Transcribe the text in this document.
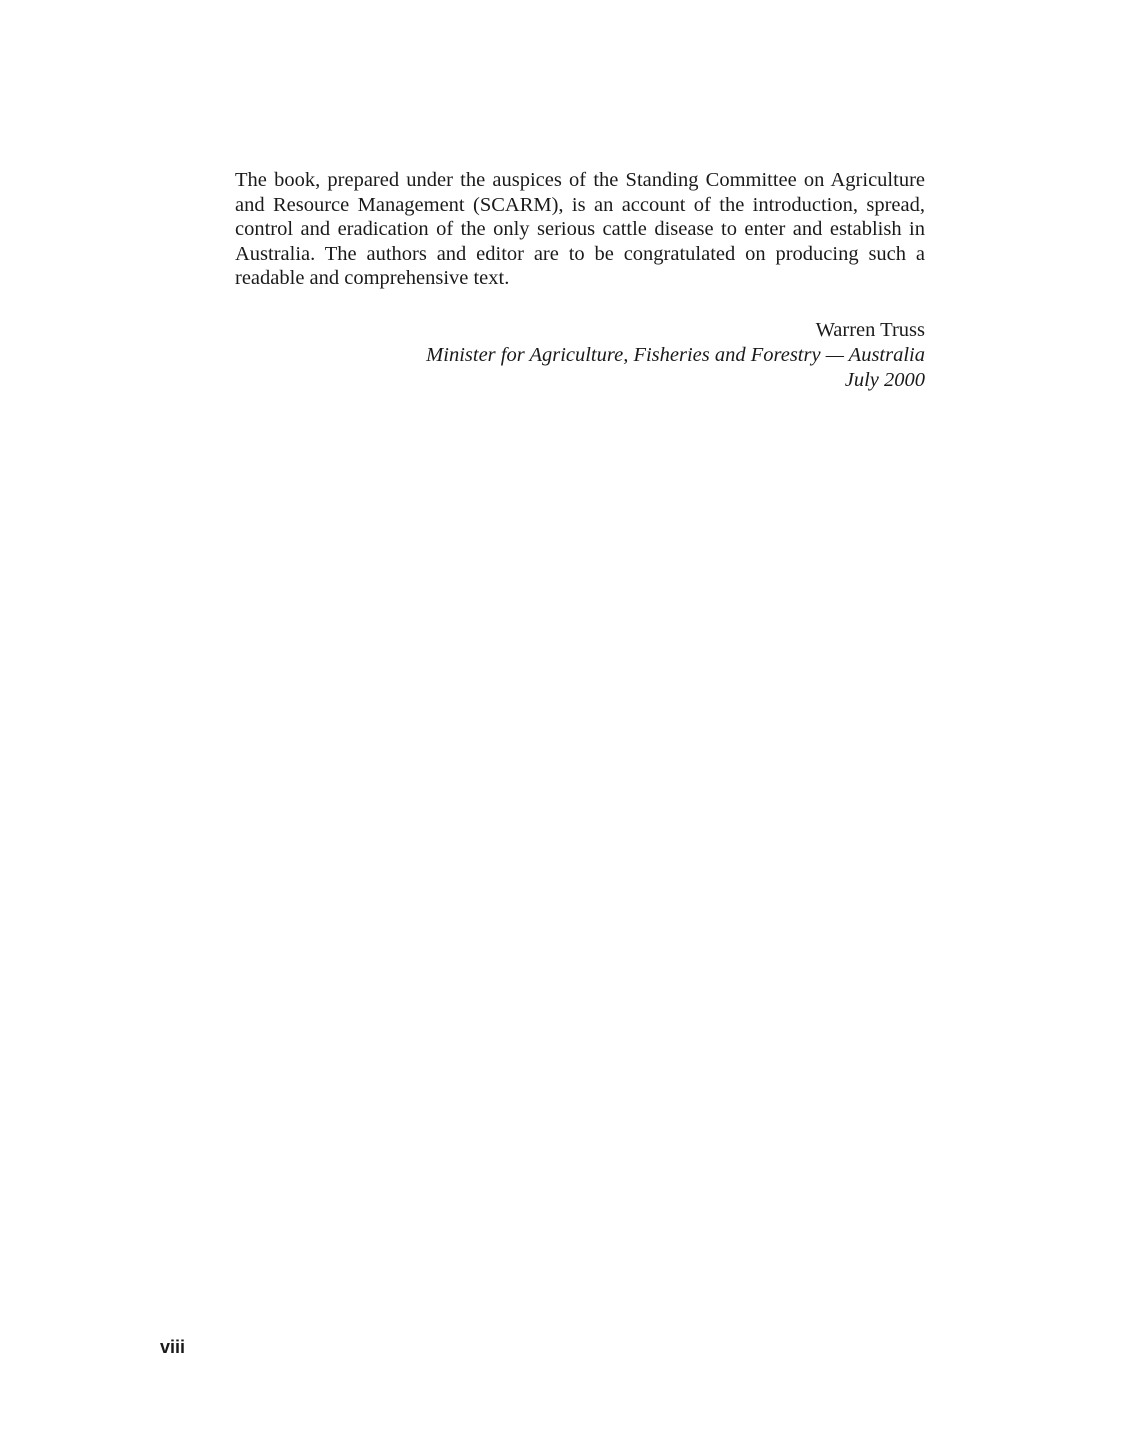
The book, prepared under the auspices of the Standing Committee on Agriculture and Resource Management (SCARM), is an account of the introduction, spread, control and eradication of the only serious cattle disease to enter and establish in Australia. The authors and editor are to be congratulated on producing such a readable and comprehensive text.

Warren Truss
Minister for Agriculture, Fisheries and Forestry — Australia
July 2000
viii
